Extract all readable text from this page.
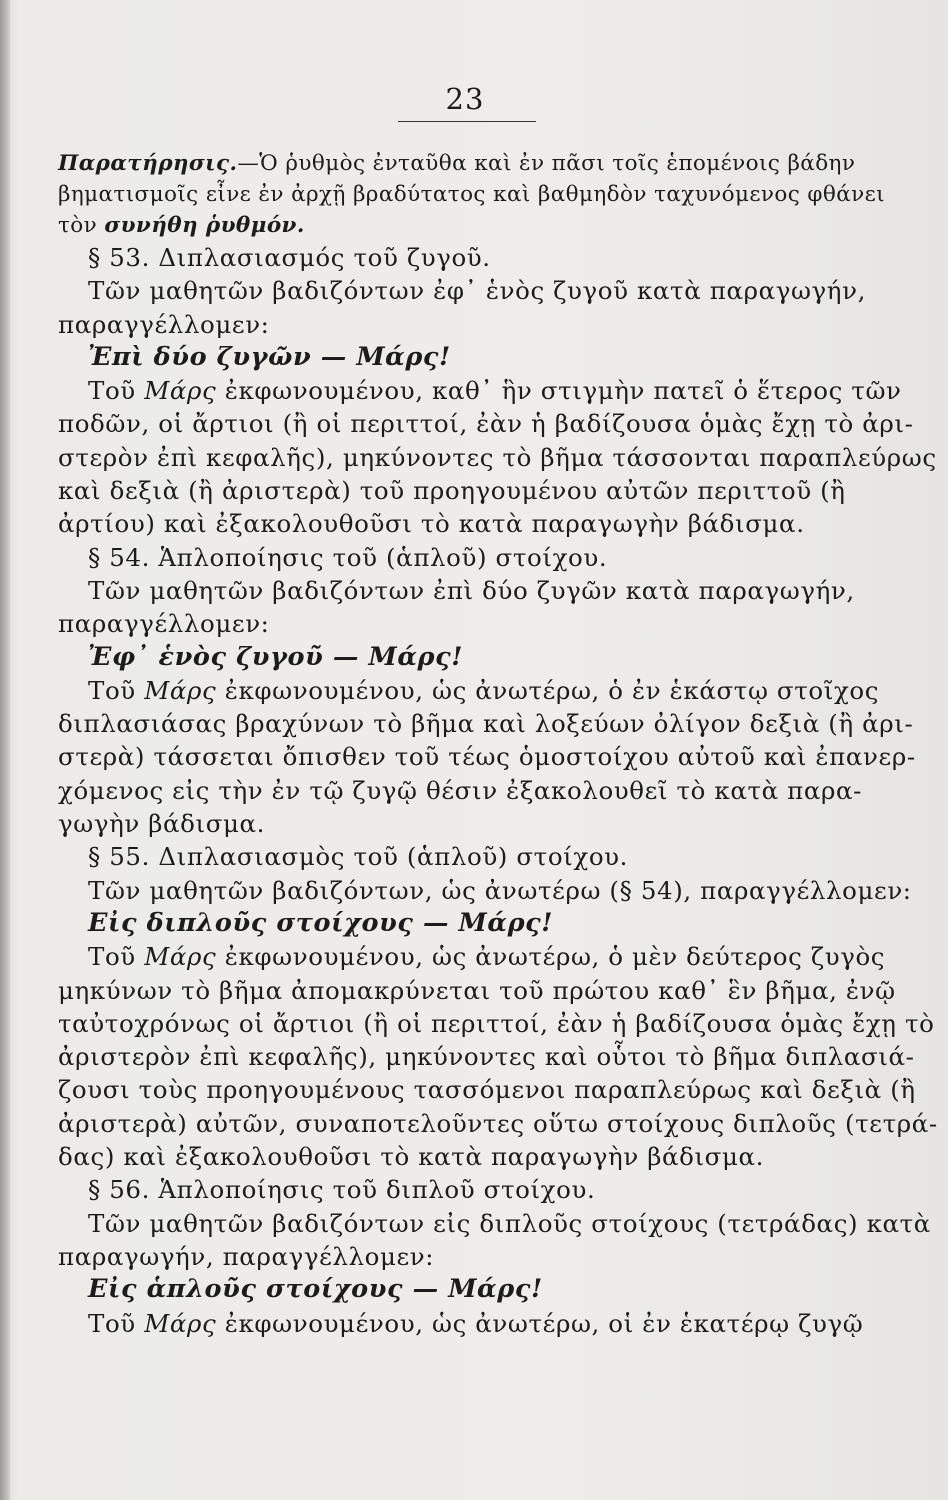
23
Παρατήρησις.—Ὁ ῥυθμὸς ἐνταῦθα καὶ ἐν πᾶσι τοῖς ἑπομένοις βάδην
βηματισμοῖς εἶνε ἐν ἀρχῇ βραδύτατος καὶ βαθμηδὸν ταχυνόμενος φθάνει
τὸν συνήθη ῥυθμόν.
§ 53. Διπλασιασμός τοῦ ζυγοῦ.
Τῶν μαθητῶν βαδιζόντων ἐφ᾽ ἑνὸς ζυγοῦ κατὰ παραγωγήν,
παραγγέλλομεν:
Ἐπὶ δύο ζυγῶν — Μάρς!
Τοῦ Μάρς ἐκφωνουμένου, καθ᾽ ἣν στιγμὴν πατεῖ ὁ ἕτερος τῶν
ποδῶν, οἱ ἄρτιοι (ἢ οἱ περιττοί, ἐὰν ἡ βαδίζουσα ὁμὰς ἔχῃ τὸ ἀρι-
στερὸν ἐπὶ κεφαλῆς), μηκύνοντες τὸ βῆμα τάσσονται παραπλεύρως
καὶ δεξιὰ (ἢ ἀριστερὰ) τοῦ προηγουμένου αὐτῶν περιττοῦ (ἢ
ἀρτίου) καὶ ἐξακολουθοῦσι τὸ κατὰ παραγωγὴν βάδισμα.
§ 54. Ἁπλοποίησις τοῦ (ἁπλοῦ) στοίχου.
Τῶν μαθητῶν βαδιζόντων ἐπὶ δύο ζυγῶν κατὰ παραγωγήν,
παραγγέλλομεν:
Ἐφ᾽ ἑνὸς ζυγοῦ — Μάρς!
Τοῦ Μάρς ἐκφωνουμένου, ὡς ἀνωτέρω, ὁ ἐν ἑκάστῳ στοῖχος
διπλασιάσας βραχύνων τὸ βῆμα καὶ λοξεύων ὀλίγον δεξιὰ (ἢ ἀρι-
στερὰ) τάσσεται ὄπισθεν τοῦ τέως ὁμοστοίχου αὐτοῦ καὶ ἐπανερ-
χόμενος εἰς τὴν ἐν τῷ ζυγῷ θέσιν ἐξακολουθεῖ τὸ κατὰ παρα-
γωγὴν βάδισμα.
§ 55. Διπλασιασμὸς τοῦ (ἁπλοῦ) στοίχου.
Τῶν μαθητῶν βαδιζόντων, ὡς ἀνωτέρω (§ 54), παραγγέλλομεν:
Εἰς διπλοῦς στοίχους — Μάρς!
Τοῦ Μάρς ἐκφωνουμένου, ὡς ἀνωτέρω, ὁ μὲν δεύτερος ζυγὸς
μηκύνων τὸ βῆμα ἀπομακρύνεται τοῦ πρώτου καθ᾽ ἓν βῆμα, ἐνῷ
ταὐτοχρόνως οἱ ἄρτιοι (ἢ οἱ περιττοί, ἐὰν ἡ βαδίζουσα ὁμὰς ἔχῃ τὸ
ἀριστερὸν ἐπὶ κεφαλῆς), μηκύνοντες καὶ οὗτοι τὸ βῆμα διπλασιά-
ζουσι τοὺς προηγουμένους τασσόμενοι παραπλεύρως καὶ δεξιὰ (ἢ
ἀριστερὰ) αὐτῶν, συναποτελοῦντες οὕτω στοίχους διπλοῦς (τετρά-
δας) καὶ ἐξακολουθοῦσι τὸ κατὰ παραγωγὴν βάδισμα.
§ 56. Ἁπλοποίησις τοῦ διπλοῦ στοίχου.
Τῶν μαθητῶν βαδιζόντων εἰς διπλοῦς στοίχους (τετράδας) κατὰ
παραγωγήν, παραγγέλλομεν:
Εἰς ἁπλοῦς στοίχους — Μάρς!
Τοῦ Μάρς ἐκφωνουμένου, ὡς ἀνωτέρω, οἱ ἐν ἑκατέρῳ ζυγῷ
